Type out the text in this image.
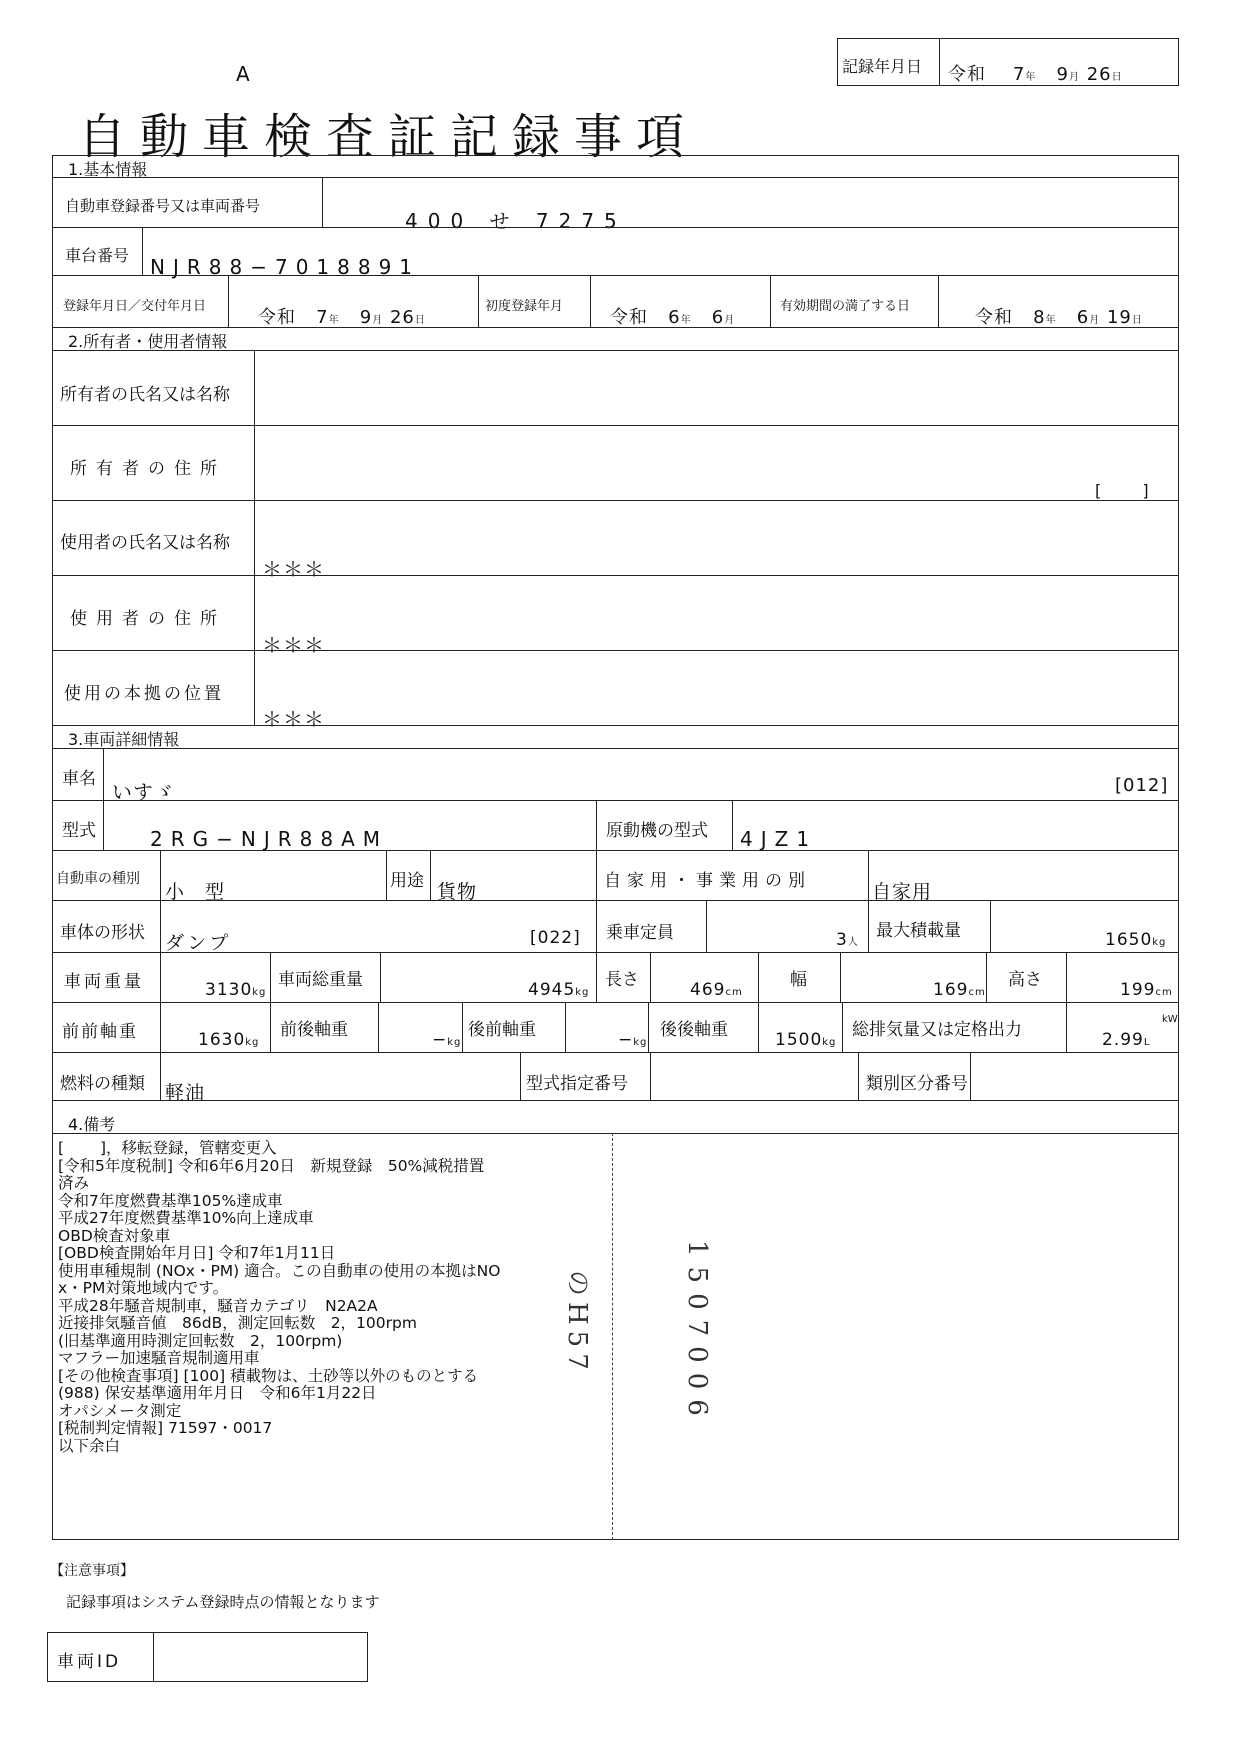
A
自動車検査証記録事項
記録年月日 令和 7年 9月 26日
1.基本情報
自動車登録番号又は車両番号
400 せ 7275
車台番号 NJR88−7018891
登録年月日／交付年月日
令和 7年 9月 26日
初度登録年月
令和 6年 6月
有効期間の満了する日
令和 8年 6月 19日
2.所有者・使用者情報
所有者の氏名又は名称
所有者の住所
[　　 ]
使用者の氏名又は名称
＊＊＊
使用者の住所
＊＊＊
使用の本拠の位置
＊＊＊
3.車両詳細情報
車名
いすゞ	[012]
型式	2RG−NJR88AM	原動機の型式 4JZ1
自動車の種別
小　型	用途 貨物	自家用・事業用の別	自家用
車体の形状 ダンプ	[022] 乗車定員	3人
最大積載量	1650kg
車両重量	3130kg
車両総重量	4945kg
長さ	469cm
幅	169cm
高さ	199cm
前前軸重	1630kg
前後軸重	−kg
後前軸重	−kg
後後軸重	1500kg
総排気量又は定格出力	2.99L
kW
燃料の種類 軽油	型式指定番号	類別区分番号
4.備考
[　　 ]，移転登録，管轄変更入
[令和5年度税制] 令和6年6月20日　新規登録　50%減税措置
済み
令和7年度燃費基準105%達成車
平成27年度燃費基準10%向上達成車
OBD検査対象車
[OBD検査開始年月日] 令和7年1月11日
使用車種規制 (NOx・PM) 適合。この自動車の使用の本拠はNO
x・PM対策地域内です。
平成28年騒音規制車，騒音カテゴリ　N2A2A
近接排気騒音値　86dB，測定回転数　2，100rpm
(旧基準適用時測定回転数　2，100rpm)
マフラー加速騒音規制適用車
[その他検査事項] [100] 積載物は、土砂等以外のものとする
(988) 保安基準適用年月日　令和6年1月22日
オパシメータ測定
[税制判定情報] 71597・0017
以下余白
のH57	1507006
【注意事項】
記録事項はシステム登録時点の情報となります
車両ID
